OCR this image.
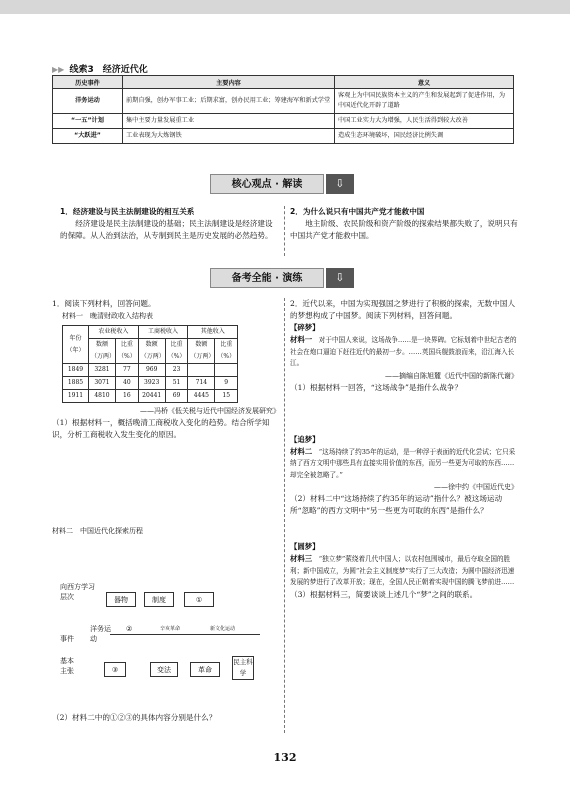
▶▶ 线索3　经济近代化
历史事件	主要内容	意义
洋务运动	前期自强，创办军事工业；后期求富，创办民用工业；筹建海军和新式学堂	客观上为中国民族资本主义的产生和发展起到了促进作用，为中国近代化开辟了道路
“一五”计划	集中主要力量发展重工业	中国工业实力大为增强，人民生活得到较大改善
“大跃进”	工业表现为大炼钢铁	造成生态环境破坏，国民经济比例失调
核心观点 · 解读	⇩
1．经济建设与民主法制建设的相互关系
经济建设是民主法制建设的基础；民主法制建设是经济建设的保障。从人治到法治，从专制到民主是历史发展的必然趋势。
2．为什么说只有中国共产党才能救中国
地主阶级、农民阶级和资产阶级的探索结果都失败了，说明只有中国共产党才能救中国。
备考全能 · 演练	⇩
1．阅读下列材料，回答问题。
材料一　晚清财政收入结构表
年份（年）	农业税收入		工商税收入		其他收入	
	数额（万两）	比重（%）	数额（万两）	比重（%）	数额（万两）	比重（%）
1849	3281	77	969	23		
1885	3071	40	3923	51	714	9
1911	4810	16	20441	69	4445	15
——冯桥《低关税与近代中国经济发展研究》
（1）根据材料一，概括晚清工商税收入变化的趋势。结合所学知识，分析工商税收入发生变化的原因。
材料二　中国近代化探索历程
向西方学习层次	器物	制度	①
事件
洋务运动
②	辛亥革命	新文化运动
基本主张	③	变法	革命
民主科学
（2）材料二中的①②③的具体内容分别是什么？
2．近代以来，中国为实现强国之梦进行了积极的探索，无数中国人的梦想构成了中国梦。阅读下列材料，回答问题。
【碎梦】
材料一　 对于中国人来说，这场战争……是一块界碑。它标划着中世纪古老的社会在炮口逼迫下赶往近代的最初一步。……英国兵舰鼓浪而来，沿江海入长江。
——摘编自陈旭麓《近代中国的新陈代谢》
（1）根据材料一回答，“这场战争”是指什么战争？
【追梦】
材料二　 “这场持续了约35年的运动，是一种浮于表面的近代化尝试；它只采纳了西方文明中那些具有直接实用价值的东西，而另一些更为可取的东西……却完全被忽略了。”
——徐中约《中国近代史》
（2）材料二中“这场持续了约35年的运动”指什么？被这场运动所“忽略”的西方文明中“另一些更为可取的东西”是指什么？
【圆梦】
材料三　 “独立梦”萦绕着几代中国人；以农村包围城市，最后夺取全国的胜利；新中国成立，为圆“社会主义制度梦”实行了三大改造；为圆中国经济迅速发展的梦进行了改革开放；现在，全国人民正朝着实现中国的腾飞梦前进……
（3）根据材料三，简要谈谈上述几个“梦”之间的联系。
132
